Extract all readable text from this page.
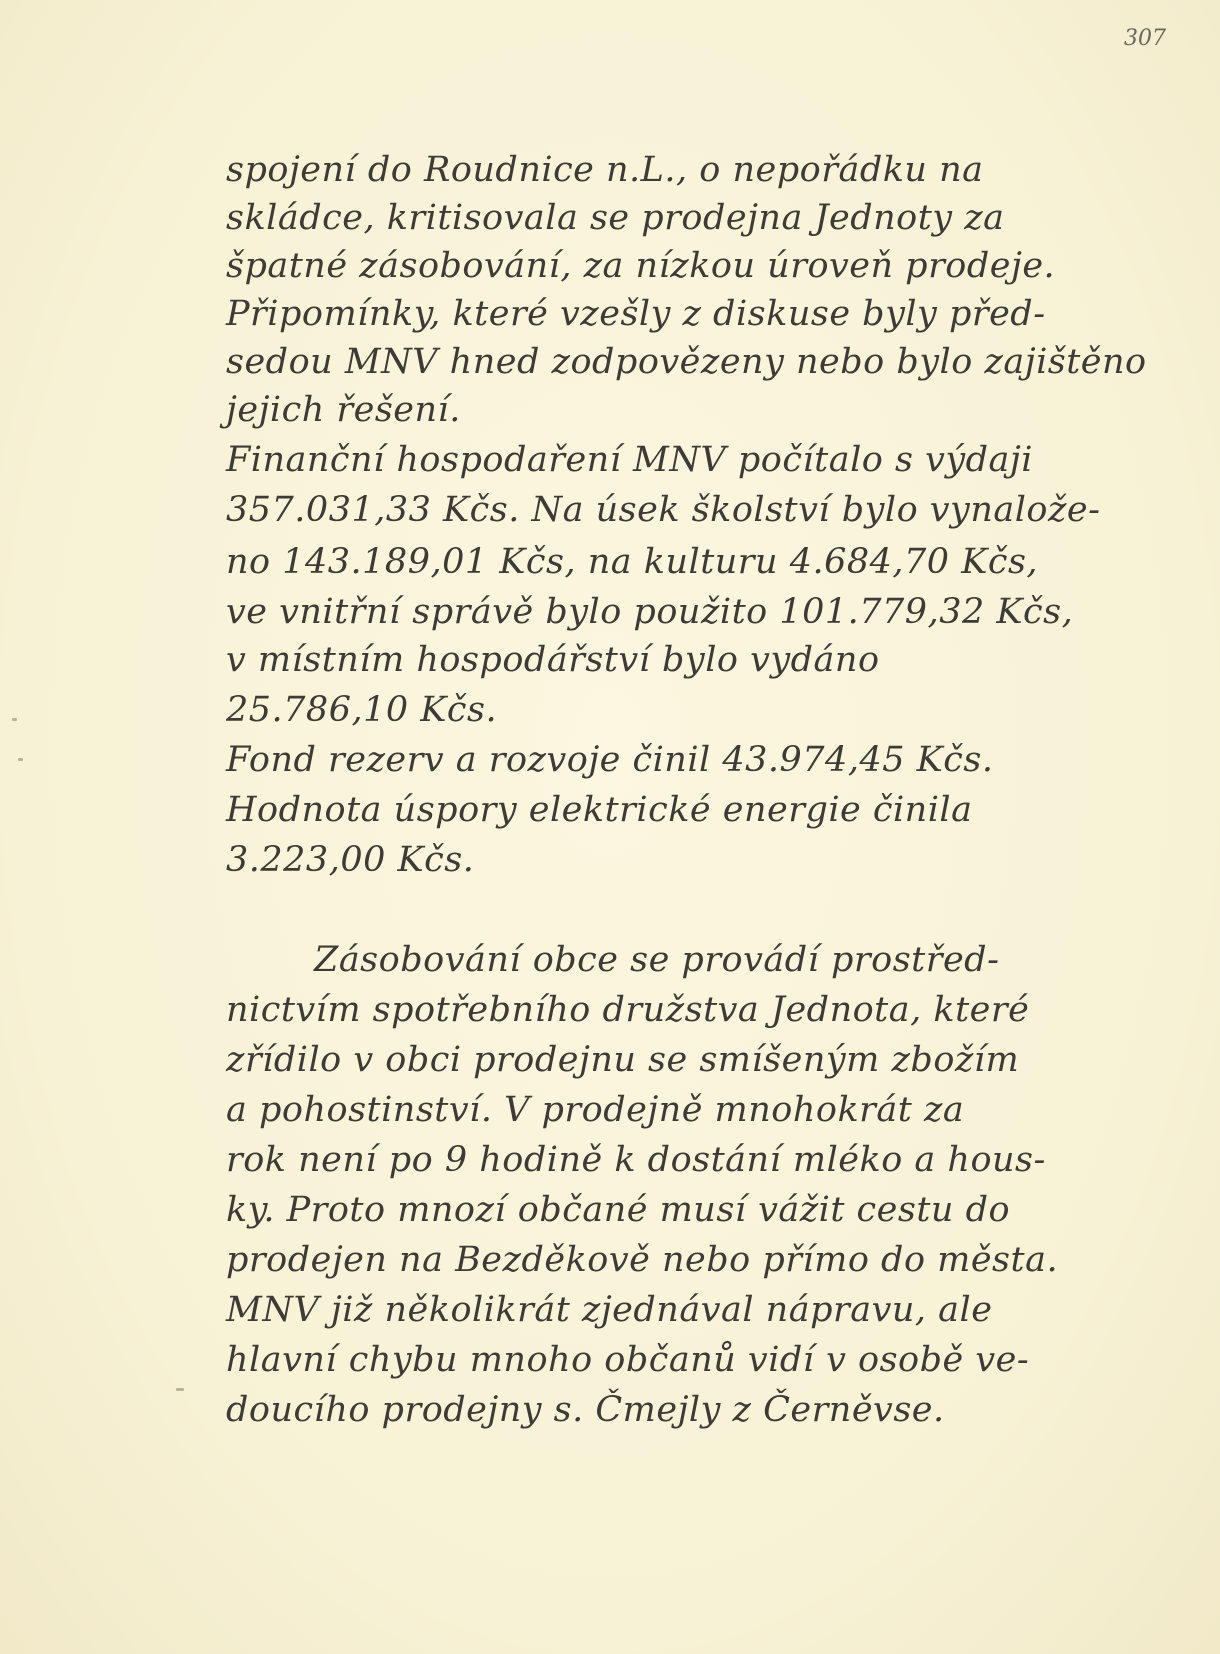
307
spojení do Roudnice n.L., o nepořádku na
skládce, kritisovala se prodejna Jednoty za
špatné zásobování, za nízkou úroveň prodeje.
Připomínky, které vzešly z diskuse byly před-
sedou MNV hned zodpovězeny nebo bylo zajištěno
jejich řešení.
Finanční hospodaření MNV počítalo s výdaji
357.031,33 Kčs. Na úsek školství bylo vynalože-
no 143.189,01 Kčs, na kulturu 4.684,70 Kčs,
ve vnitřní správě bylo použito 101.779,32 Kčs,
v místním hospodářství bylo vydáno
25.786,10 Kčs.
Fond rezerv a rozvoje činil 43.974,45 Kčs.
Hodnota úspory elektrické energie činila
3.223,00 Kčs.
Zásobování obce se provádí prostřed-
nictvím spotřebního družstva Jednota, které
zřídilo v obci prodejnu se smíšeným zbožím
a pohostinství. V prodejně mnohokrát za
rok není po 9 hodině k dostání mléko a hous-
ky. Proto mnozí občané musí vážit cestu do
prodejen na Bezděkově nebo přímo do města.
MNV již několikrát zjednával nápravu, ale
hlavní chybu mnoho občanů vidí v osobě ve-
doucího prodejny s. Čmejly z Černěvse.
